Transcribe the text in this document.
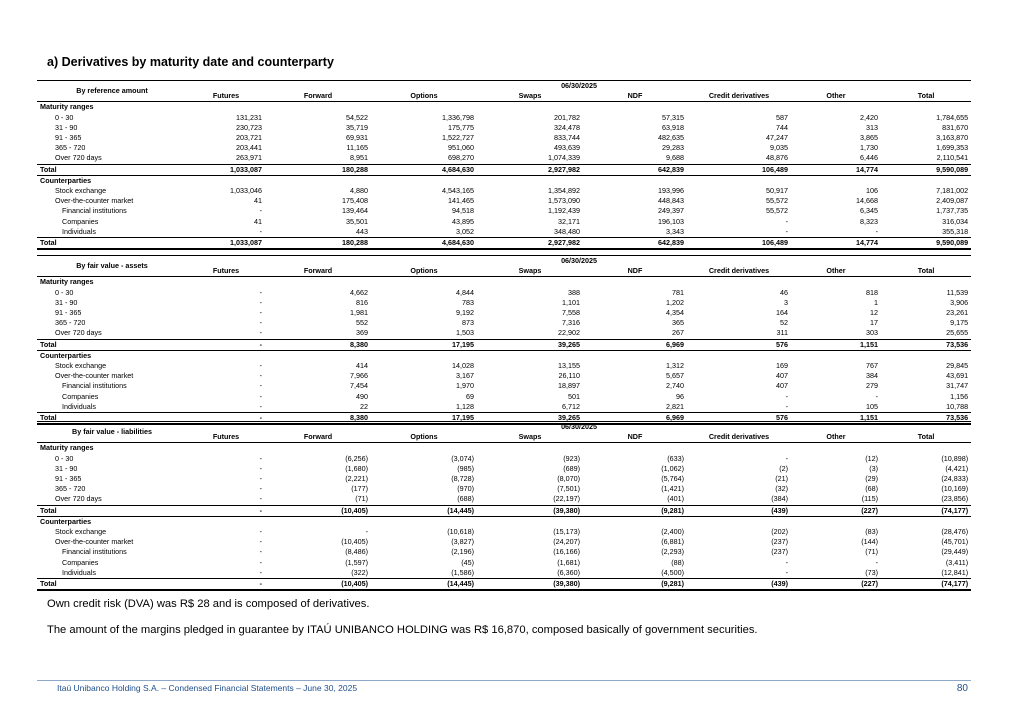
a) Derivatives by maturity date and counterparty
By reference amount	06/30/2025							
	Futures	Forward	Options	Swaps	NDF	Credit derivatives	Other	Total
Maturity ranges								
0 - 30	131,231	54,522	1,336,798	201,782	57,315	587	2,420	1,784,655
31 - 90	230,723	35,719	175,775	324,478	63,918	744	313	831,670
91 - 365	203,721	69,931	1,522,727	833,744	482,635	47,247	3,865	3,163,870
365 - 720	203,441	11,165	951,060	493,639	29,283	9,035	1,730	1,699,353
Over 720 days	263,971	8,951	698,270	1,074,339	9,688	48,876	6,446	2,110,541
Total	1,033,087	180,288	4,684,630	2,927,982	642,839	106,489	14,774	9,590,089
Counterparties								
Stock exchange	1,033,046	4,880	4,543,165	1,354,892	193,996	50,917	106	7,181,002
Over-the-counter market	41	175,408	141,465	1,573,090	448,843	55,572	14,668	2,409,087
Financial institutions	-	139,464	94,518	1,192,439	249,397	55,572	6,345	1,737,735
Companies	41	35,501	43,895	32,171	196,103	-	8,323	316,034
Individuals	-	443	3,052	348,480	3,343	-	-	355,318
Total	1,033,087	180,288	4,684,630	2,927,982	642,839	106,489	14,774	9,590,089
By fair value - assets	06/30/2025							
	Futures	Forward	Options	Swaps	NDF	Credit derivatives	Other	Total
Maturity ranges								
0 - 30	-	4,662	4,844	388	781	46	818	11,539
31 - 90	-	816	783	1,101	1,202	3	1	3,906
91 - 365	-	1,981	9,192	7,558	4,354	164	12	23,261
365 - 720	-	552	873	7,316	365	52	17	9,175
Over 720 days	-	369	1,503	22,902	267	311	303	25,655
Total	-	8,380	17,195	39,265	6,969	576	1,151	73,536
Counterparties								
Stock exchange	-	414	14,028	13,155	1,312	169	767	29,845
Over-the-counter market	-	7,966	3,167	26,110	5,657	407	384	43,691
Financial institutions	-	7,454	1,970	18,897	2,740	407	279	31,747
Companies	-	490	69	501	96	-	-	1,156
Individuals	-	22	1,128	6,712	2,821	-	105	10,788
Total	-	8,380	17,195	39,265	6,969	576	1,151	73,536
By fair value - liabilities	06/30/2025							
	Futures	Forward	Options	Swaps	NDF	Credit derivatives	Other	Total
Maturity ranges								
0 - 30	-	(6,256)	(3,074)	(923)	(633)	-	(12)	(10,898)
31 - 90	-	(1,680)	(985)	(689)	(1,062)	(2)	(3)	(4,421)
91 - 365	-	(2,221)	(8,728)	(8,070)	(5,764)	(21)	(29)	(24,833)
365 - 720	-	(177)	(970)	(7,501)	(1,421)	(32)	(68)	(10,169)
Over 720 days	-	(71)	(688)	(22,197)	(401)	(384)	(115)	(23,856)
Total	-	(10,405)	(14,445)	(39,380)	(9,281)	(439)	(227)	(74,177)
Counterparties								
Stock exchange	-	-	(10,618)	(15,173)	(2,400)	(202)	(83)	(28,476)
Over-the-counter market	-	(10,405)	(3,827)	(24,207)	(6,881)	(237)	(144)	(45,701)
Financial institutions	-	(8,486)	(2,196)	(16,166)	(2,293)	(237)	(71)	(29,449)
Companies	-	(1,597)	(45)	(1,681)	(88)	-	-	(3,411)
Individuals	-	(322)	(1,586)	(6,360)	(4,500)	-	(73)	(12,841)
Total	-	(10,405)	(14,445)	(39,380)	(9,281)	(439)	(227)	(74,177)
Own credit risk (DVA) was R$ 28 and is composed of derivatives.
The amount of the margins pledged in guarantee by ITAÚ UNIBANCO HOLDING was R$ 16,870, composed basically of government securities.
Itaú Unibanco Holding S.A. – Condensed Financial Statements – June 30, 2025	80
